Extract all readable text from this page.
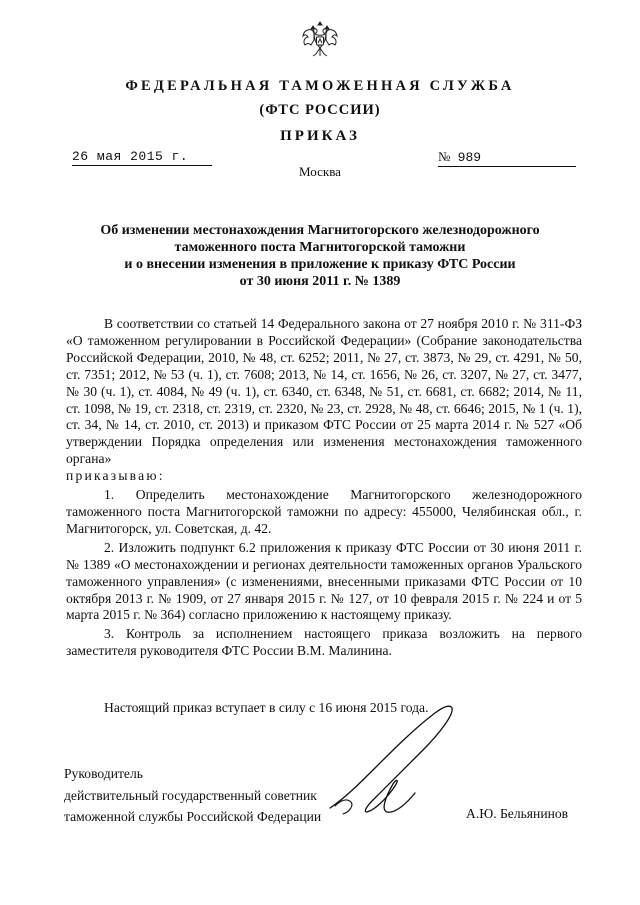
ФЕДЕРАЛЬНАЯ ТАМОЖЕННАЯ СЛУЖБА
(ФТС РОССИИ)
ПРИКАЗ
26 мая 2015 г.	№ 989
Москва
Об изменении местонахождения Магнитогорского железнодорожного
таможенного поста Магнитогорской таможни
и о внесении изменения в приложение к приказу ФТС России
от 30 июня 2011 г. № 1389

В соответствии со статьей 14 Федерального закона от 27 ноября 2010 г. № 311-ФЗ «О таможенном регулировании в Российской Федерации» (Собрание законодательства Российской Федерации, 2010, № 48, ст. 6252; 2011, № 27, ст. 3873, № 29, ст. 4291, № 50, ст. 7351; 2012, № 53 (ч. 1), ст. 7608; 2013, № 14, ст. 1656, № 26, ст. 3207, № 27, ст. 3477, № 30 (ч. 1), ст. 4084, № 49 (ч. 1), ст. 6340, ст. 6348, № 51, ст. 6681, ст. 6682; 2014, № 11, ст. 1098, № 19, ст. 2318, ст. 2319, ст. 2320, № 23, ст. 2928, № 48, ст. 6646; 2015, № 1 (ч. 1), ст. 34, № 14, ст. 2010, ст. 2013) и приказом ФТС России от 25 марта 2014 г. № 527 «Об утверждении Порядка определения или изменения местонахождения таможенного органа»

приказываю:

1. Определить местонахождение Магнитогорского железнодорожного таможенного поста Магнитогорской таможни по адресу: 455000, Челябинская обл., г. Магнитогорск, ул. Советская, д. 42.

2. Изложить подпункт 6.2 приложения к приказу ФТС России от 30 июня 2011 г. № 1389 «О местонахождении и регионах деятельности таможенных органов Уральского таможенного управления» (с изменениями, внесенными приказами ФТС России от 10 октября 2013 г. № 1909, от 27 января 2015 г. № 127, от 10 февраля 2015 г. № 224 и от 5 марта 2015 г. № 364) согласно приложению к настоящему приказу.

3. Контроль за исполнением настоящего приказа возложить на первого заместителя руководителя ФТС России В.М. Малинина.

Настоящий приказ вступает в силу с 16 июня 2015 года.
Руководитель
действительный государственный советник
таможенной службы Российской Федерации	А.Ю. Бельянинов
